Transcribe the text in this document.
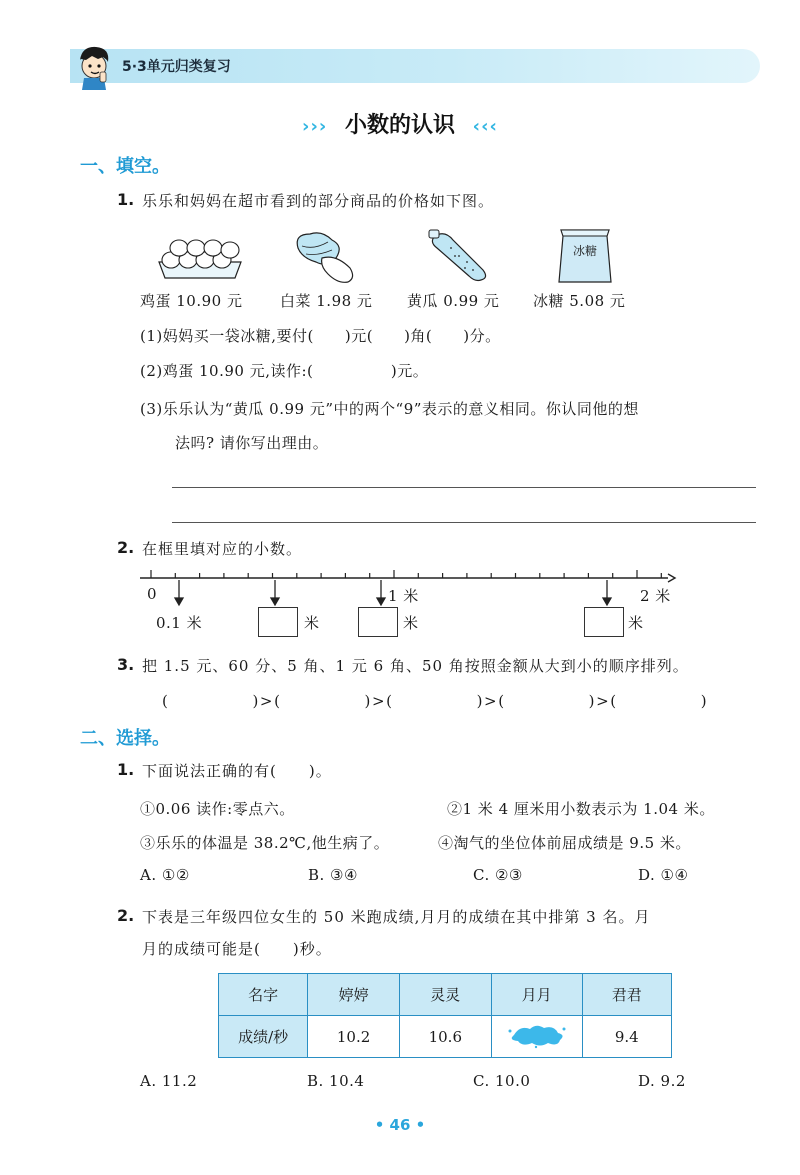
5·3单元归类复习
››› 小数的认识 ‹‹‹
一、填空。
1. 乐乐和妈妈在超市看到的部分商品的价格如下图。
冰糖
鸡蛋 10.90 元	白菜 1.98 元 黄瓜 0.99 元 冰糖 5.08 元
(1)妈妈买一袋冰糖,要付(　　)元(　　)角(　　)分。
(2)鸡蛋 10.90 元,读作:(　　　　　)元。
(3)乐乐认为“黄瓜 0.99 元”中的两个“9”表示的意义相同。你认同他的想
法吗? 请你写出理由。
2. 在框里填对应的小数。
0	1 米	2 米
0.1 米	米	米	米
3. 把 1.5 元、60 分、5 角、1 元 6 角、50 角按照金额从大到小的顺序排列。
(　　　　　)>(　　　　　)>(　　　　　)>(　　　　　)>(　　　　　)
二、选择。
1. 下面说法正确的有(　　)。
①0.06 读作:零点六。	②1 米 4 厘米用小数表示为 1.04 米。
③乐乐的体温是 38.2℃,他生病了。	④淘气的坐位体前屈成绩是 9.5 米。
A. ①②	B. ③④	C. ②③	D. ①④
2. 下表是三年级四位女生的 50 米跑成绩,月月的成绩在其中排第 3 名。月
月的成绩可能是(　　)秒。
名字	婷婷	灵灵	月月	君君
成绩/秒	10.2	10.6		9.4
A. 11.2	B. 10.4	C. 10.0	D. 9.2
• 46 •
